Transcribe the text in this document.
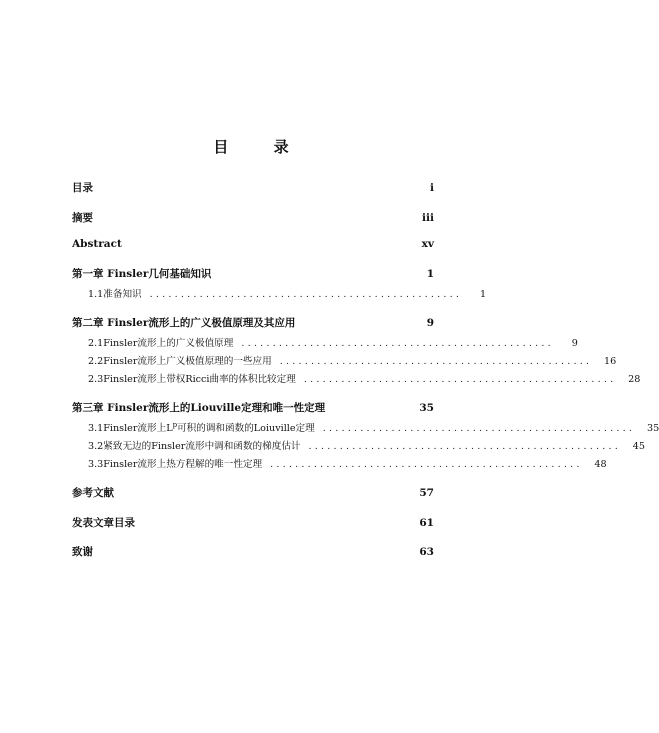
目 录
目录	i
摘要	iii
Abstract	xv
第一章 Finsler几何基础知识	1
1.1 准备知识 ..................................................	1
第二章 Finsler流形上的广义极值原理及其应用	9
2.1 Finsler流形上的广义极值原理 ..................................................	9
2.2 Finsler流形上广义极值原理的一些应用 ..................................................	16
2.3 Finsler流形上带权Ricci曲率的体积比较定理 ..................................................	28
第三章 Finsler流形上的Liouville定理和唯一性定理	35
3.1 Finsler流形上$L^p$可积的调和函数的Loiuville定理 ..................................................	35
3.2 紧致无边的Finsler流形中调和函数的梯度估计 ..................................................	45
3.3 Finsler流形上热方程解的唯一性定理 ..................................................	48
参考文献	57
发表文章目录	61
致谢	63
